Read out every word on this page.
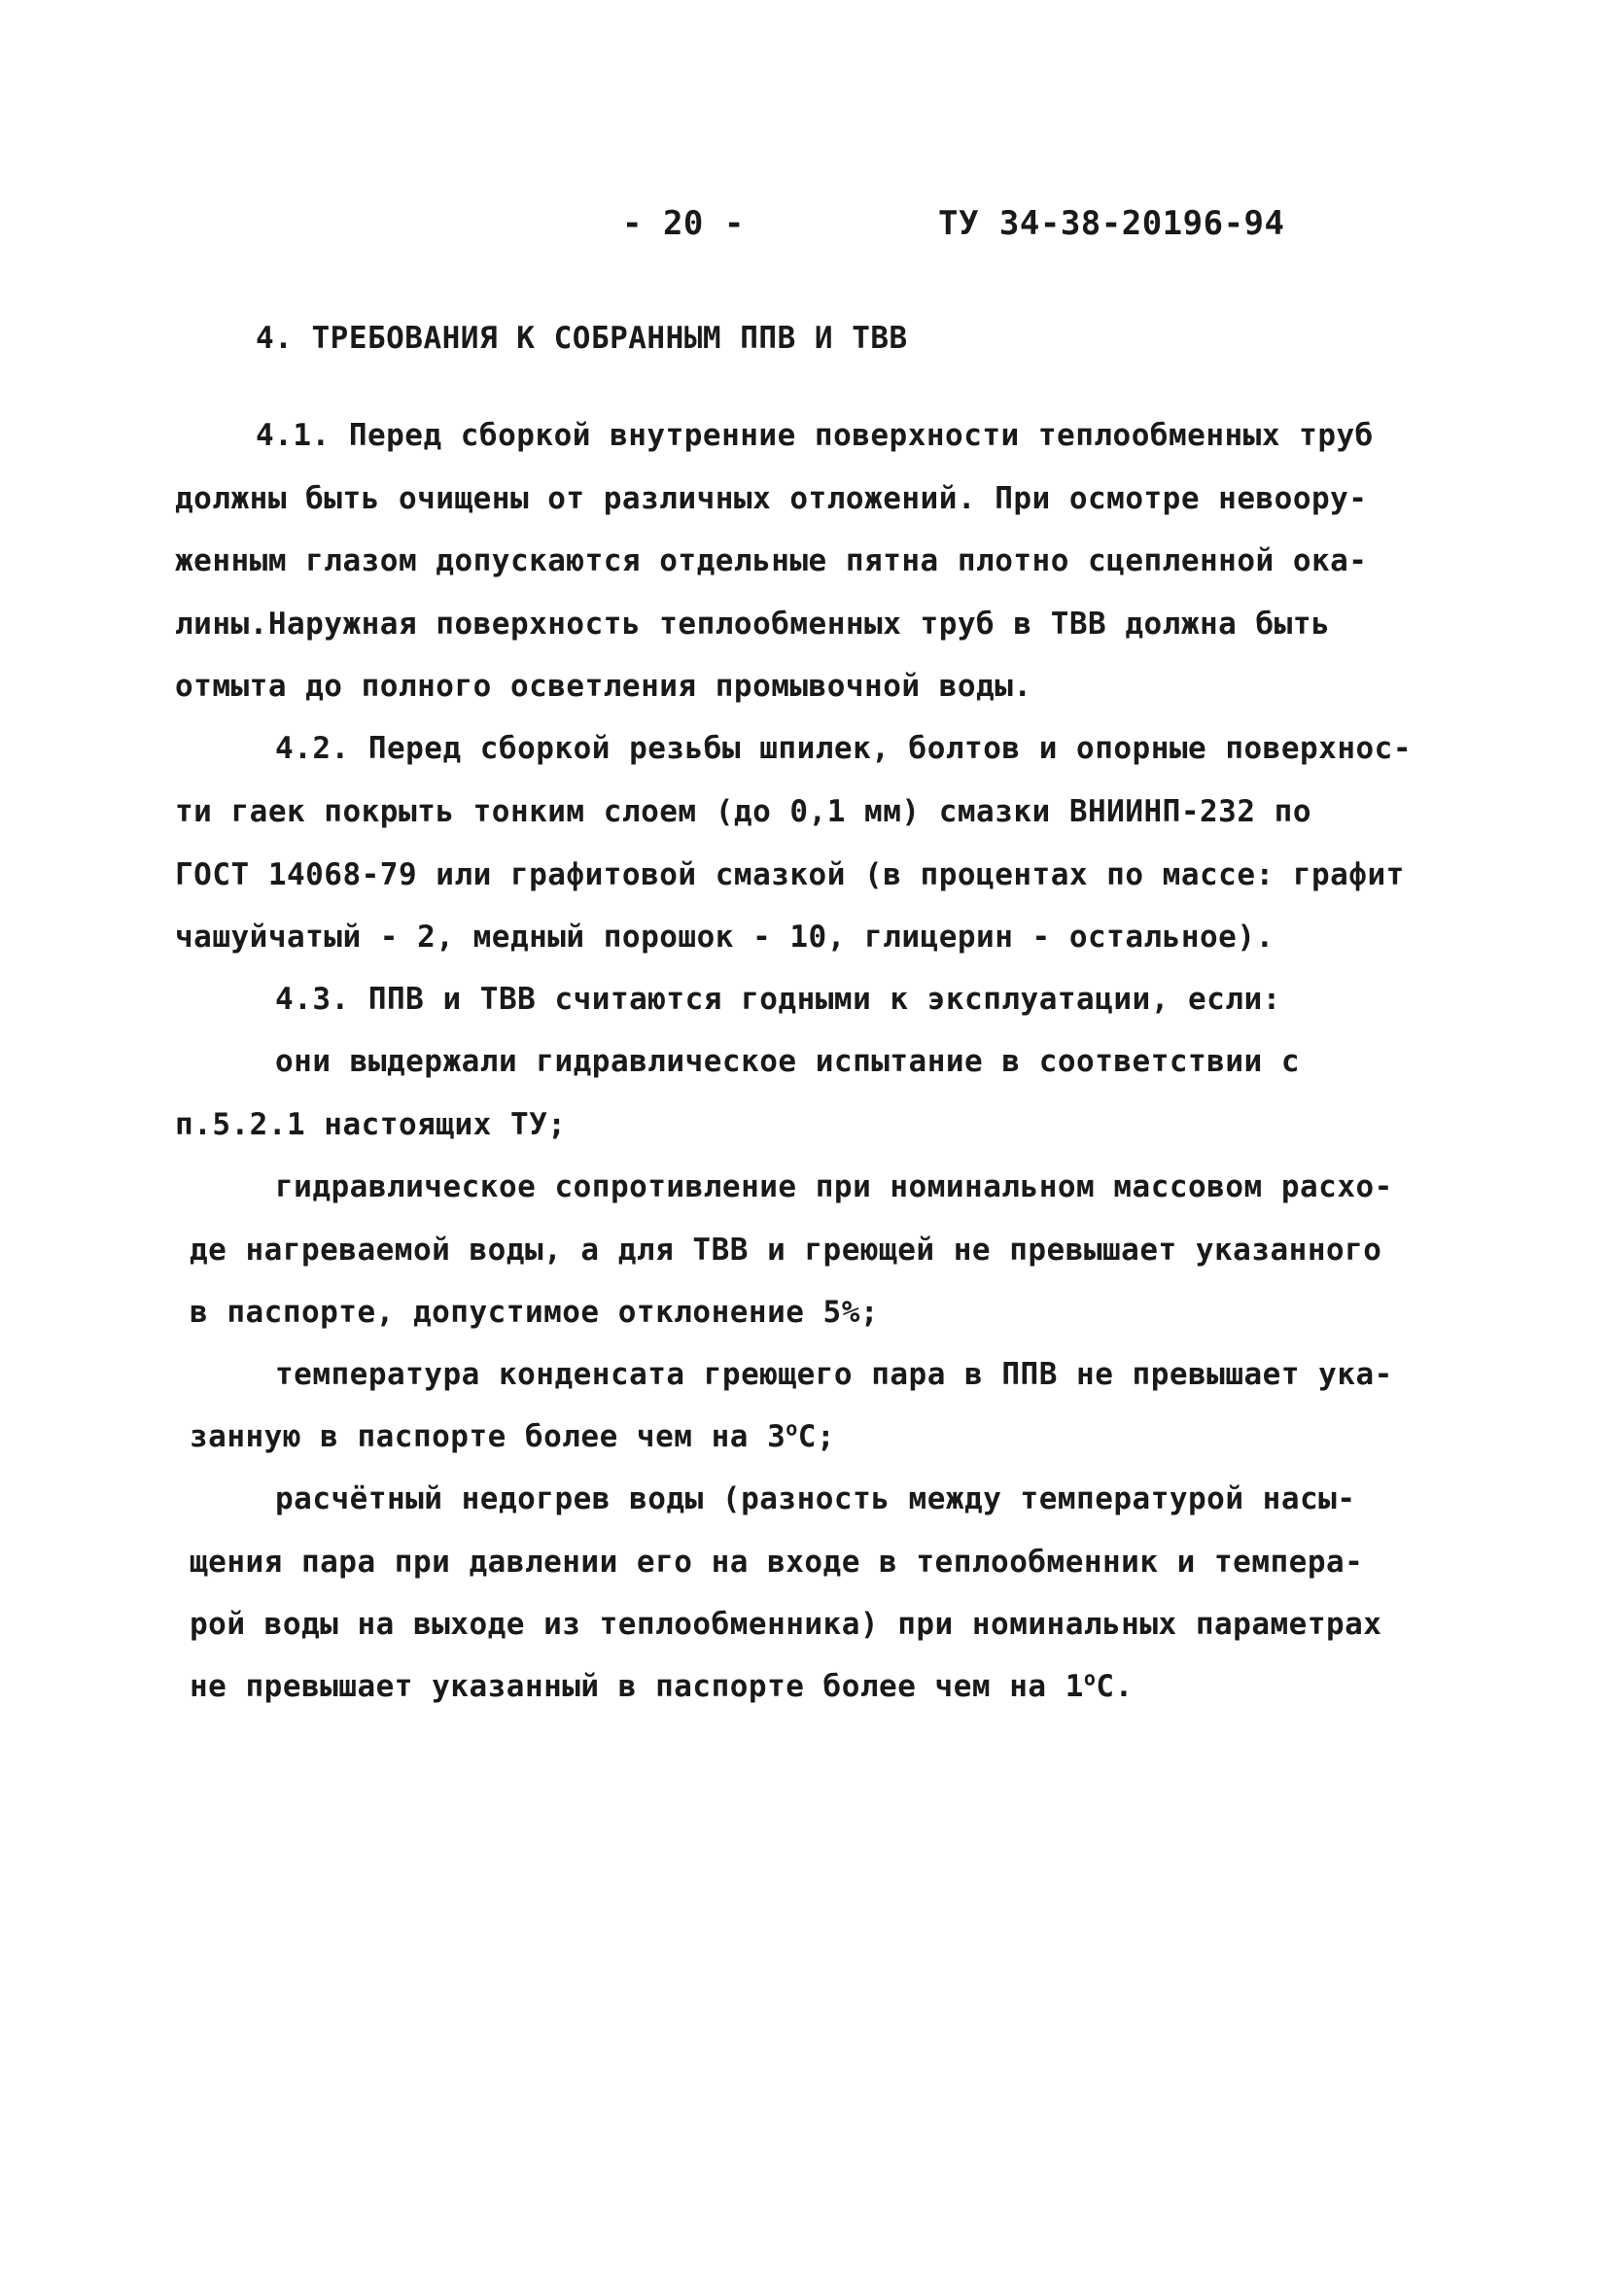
- 20 -	ТУ 34-38-20196-94
4. ТРЕБОВАНИЯ К СОБРАННЫМ ППВ И ТВВ
4.1. Перед сборкой внутренние поверхности теплообменных труб
должны быть очищены от различных отложений. При осмотре невоору-
женным глазом допускаются отдельные пятна плотно сцепленной ока-
лины.Наружная поверхность теплообменных труб в ТВВ должна быть
отмыта до полного осветления промывочной воды.
4.2. Перед сборкой резьбы шпилек, болтов и опорные поверхнос-
ти гаек покрыть тонким слоем (до 0,1 мм) смазки ВНИИНП-232 по
ГОСТ 14068-79 или графитовой смазкой (в процентах по массе: графит
чашуйчатый - 2, медный порошок - 10, глицерин - остальное).
4.3. ППВ и ТВВ считаются годными к эксплуатации, если:
они выдержали гидравлическое испытание в соответствии с
п.5.2.1 настоящих ТУ;
гидравлическое сопротивление при номинальном массовом расхо-
де нагреваемой воды, а для ТВВ и греющей не превышает указанного
в паспорте, допустимое отклонение 5%;
температура конденсата греющего пара в ППВ не превышает ука-
занную в паспорте более чем на 3$^o$С;
расчётный недогрев воды (разность между температурой насы-
щения пара при давлении его на входе в теплообменник и темпера-
рой воды на выходе из теплообменника) при номинальных параметрах
не превышает указанный в паспорте более чем на 1$^o$С.
